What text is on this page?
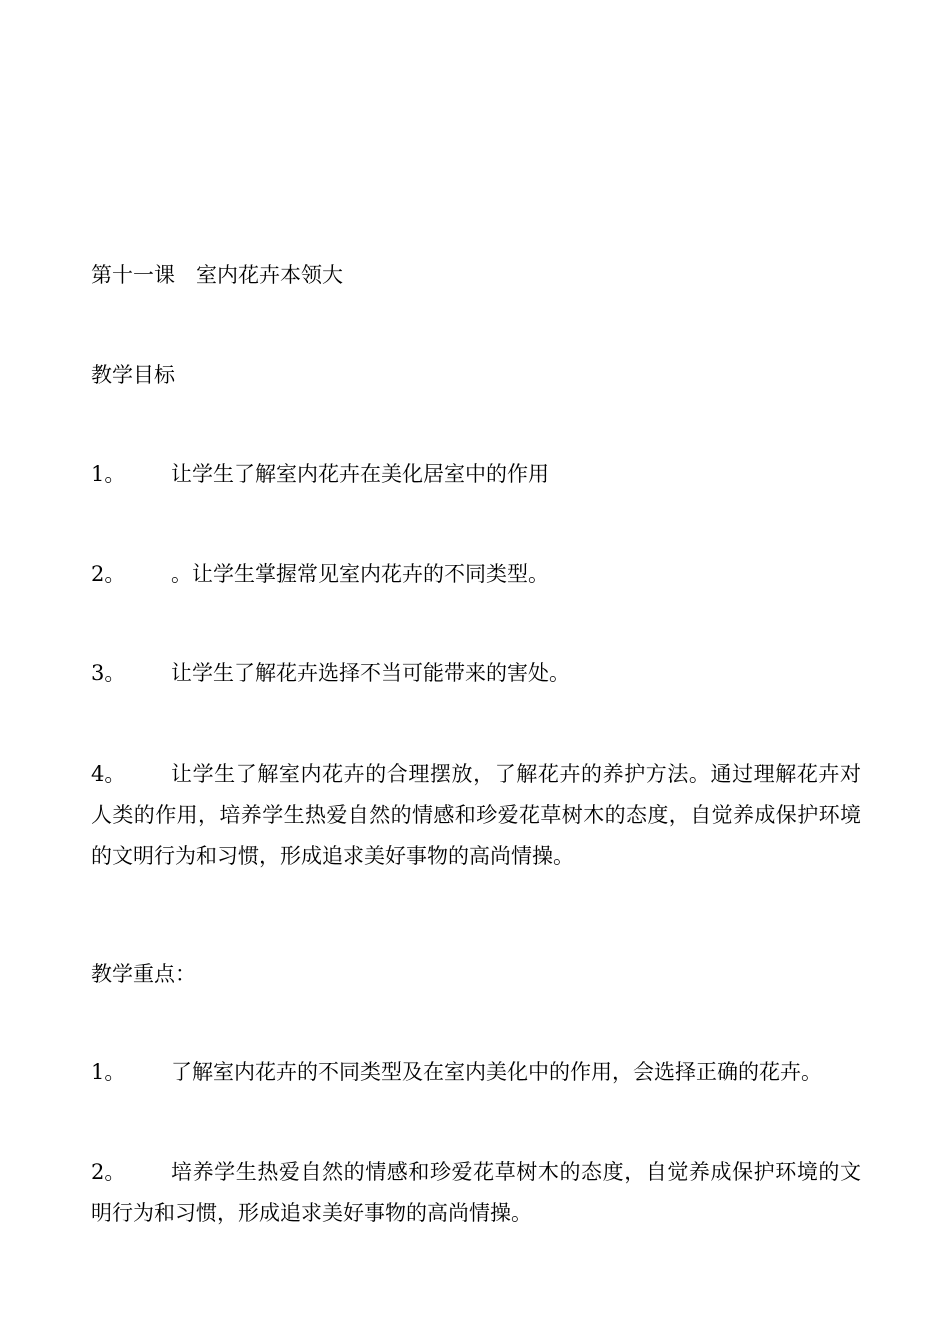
第十一课　室内花卉本领大
教学目标
1。	让学生了解室内花卉在美化居室中的作用
2。	。让学生掌握常见室内花卉的不同类型。
3。	让学生了解花卉选择不当可能带来的害处。
4。	让学生了解室内花卉的合理摆放，了解花卉的养护方法。通过理解花卉对人类的作用，培养学生热爱自然的情感和珍爱花草树木的态度，自觉养成保护环境的文明行为和习惯，形成追求美好事物的高尚情操。
教学重点：
1。	了解室内花卉的不同类型及在室内美化中的作用，会选择正确的花卉。
2。	培养学生热爱自然的情感和珍爱花草树木的态度，自觉养成保护环境的文明行为和习惯，形成追求美好事物的高尚情操。
